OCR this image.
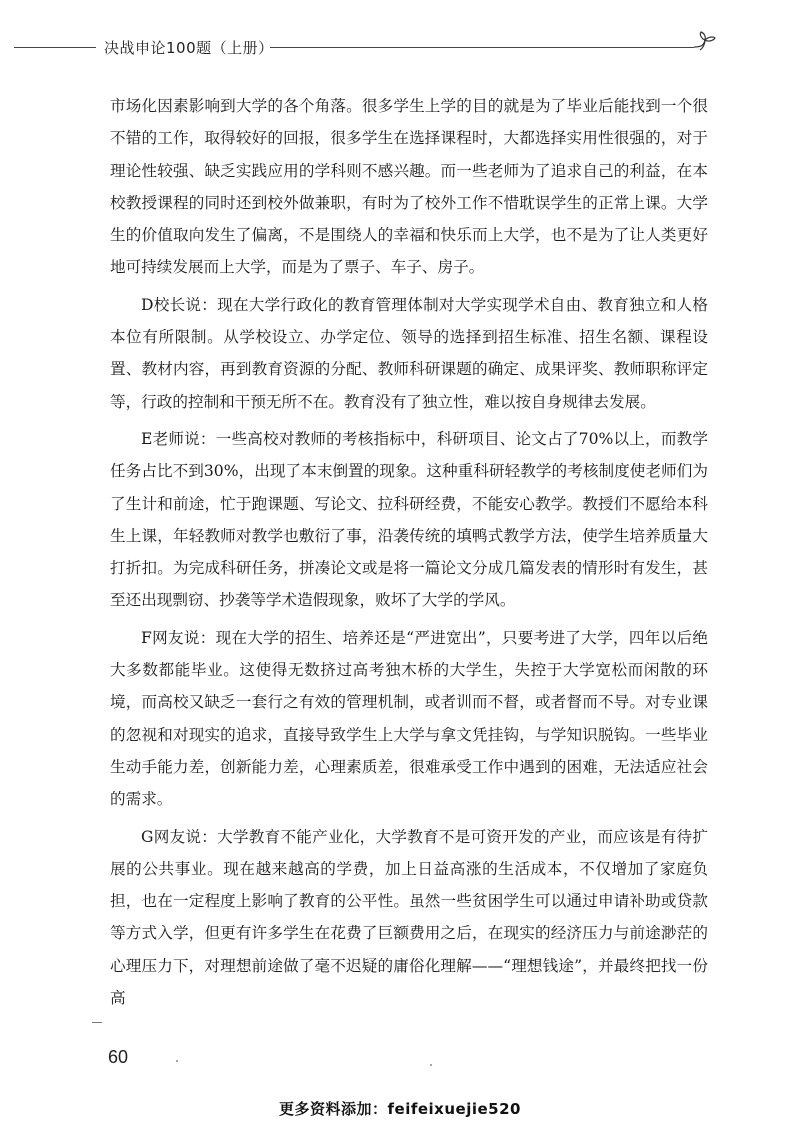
决战申论100题（上册）

市场化因素影响到大学的各个角落。很多学生上学的目的就是为了毕业后能找到一个很不错的工作，取得较好的回报，很多学生在选择课程时，大都选择实用性很强的，对于理论性较强、缺乏实践应用的学科则不感兴趣。而一些老师为了追求自己的利益，在本校教授课程的同时还到校外做兼职，有时为了校外工作不惜耽误学生的正常上课。大学生的价值取向发生了偏离，不是围绕人的幸福和快乐而上大学，也不是为了让人类更好地可持续发展而上大学，而是为了票子、车子、房子。

D校长说：现在大学行政化的教育管理体制对大学实现学术自由、教育独立和人格本位有所限制。从学校设立、办学定位、领导的选择到招生标准、招生名额、课程设置、教材内容，再到教育资源的分配、教师科研课题的确定、成果评奖、教师职称评定等，行政的控制和干预无所不在。教育没有了独立性，难以按自身规律去发展。

E老师说：一些高校对教师的考核指标中，科研项目、论文占了70%以上，而教学任务占比不到30%，出现了本末倒置的现象。这种重科研轻教学的考核制度使老师们为了生计和前途，忙于跑课题、写论文、拉科研经费，不能安心教学。教授们不愿给本科生上课，年轻教师对教学也敷衍了事，沿袭传统的填鸭式教学方法，使学生培养质量大打折扣。为完成科研任务，拼凑论文或是将一篇论文分成几篇发表的情形时有发生，甚至还出现剽窃、抄袭等学术造假现象，败坏了大学的学风。

F网友说：现在大学的招生、培养还是“严进宽出”，只要考进了大学，四年以后绝大多数都能毕业。这使得无数挤过高考独木桥的大学生，失控于大学宽松而闲散的环境，而高校又缺乏一套行之有效的管理机制，或者训而不督，或者督而不导。对专业课的忽视和对现实的追求，直接导致学生上大学与拿文凭挂钩，与学知识脱钩。一些毕业生动手能力差，创新能力差，心理素质差，很难承受工作中遇到的困难，无法适应社会的需求。

G网友说：大学教育不能产业化，大学教育不是可资开发的产业，而应该是有待扩展的公共事业。现在越来越高的学费，加上日益高涨的生活成本，不仅增加了家庭负担，也在一定程度上影响了教育的公平性。虽然一些贫困学生可以通过申请补助或贷款等方式入学，但更有许多学生在花费了巨额费用之后，在现实的经济压力与前途渺茫的心理压力下，对理想前途做了毫不迟疑的庸俗化理解——“理想钱途”，并最终把找一份高

60
更多资料添加：feifeixuejie520
